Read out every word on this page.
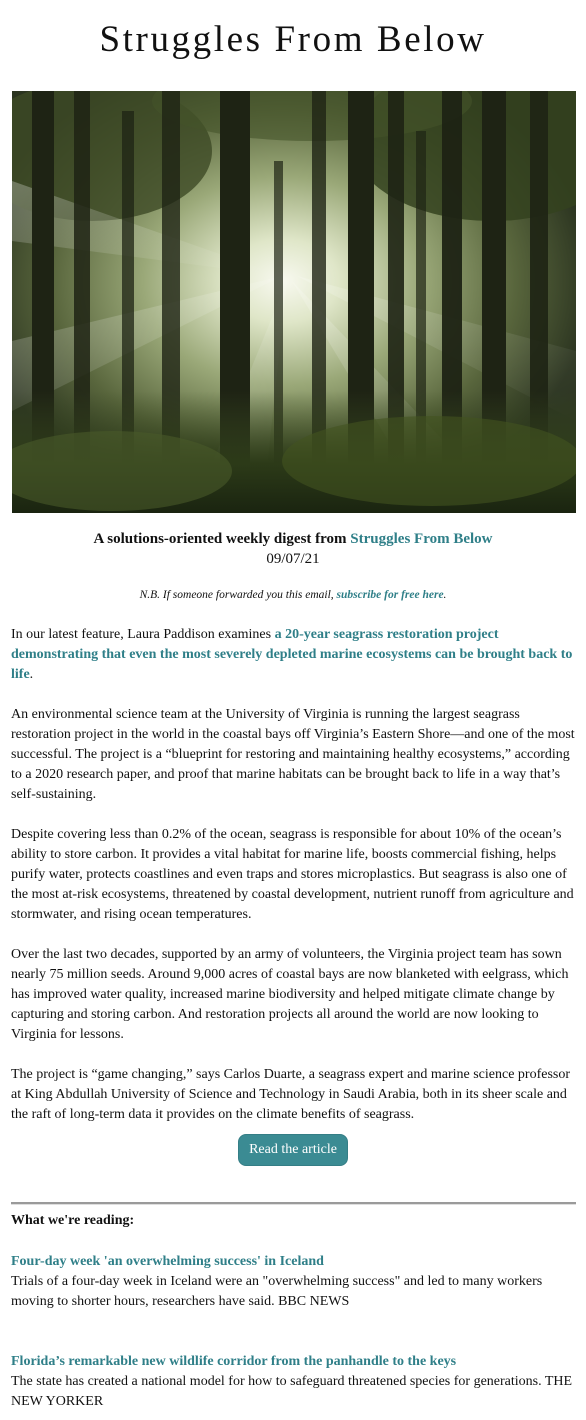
Struggles From Below
A solutions-oriented weekly digest from Struggles From Below
09/07/21
N.B. If someone forwarded you this email, subscribe for free here.

In our latest feature, Laura Paddison examines a 20-year seagrass restoration project demonstrating that even the most severely depleted marine ecosystems can be brought back to life.

An environmental science team at the University of Virginia is running the largest seagrass restoration project in the world in the coastal bays off Virginia’s Eastern Shore—and one of the most successful. The project is a “blueprint for restoring and maintaining healthy ecosystems,” according to a 2020 research paper, and proof that marine habitats can be brought back to life in a way that’s self-sustaining.

Despite covering less than 0.2% of the ocean, seagrass is responsible for about 10% of the ocean’s ability to store carbon. It provides a vital habitat for marine life, boosts commercial fishing, helps purify water, protects coastlines and even traps and stores microplastics. But seagrass is also one of the most at-risk ecosystems, threatened by coastal development, nutrient runoff from agriculture and stormwater, and rising ocean temperatures.

Over the last two decades, supported by an army of volunteers, the Virginia project team has sown nearly 75 million seeds. Around 9,000 acres of coastal bays are now blanketed with eelgrass, which has improved water quality, increased marine biodiversity and helped mitigate climate change by capturing and storing carbon. And restoration projects all around the world are now looking to Virginia for lessons.

The project is “game changing,” says Carlos Duarte, a seagrass expert and marine science professor at King Abdullah University of Science and Technology in Saudi Arabia, both in its sheer scale and the raft of long-term data it provides on the climate benefits of seagrass.

Read the article
What we're reading:
Four-day week 'an overwhelming success' in Iceland
Trials of a four-day week in Iceland were an "overwhelming success" and led to many workers moving to shorter hours, researchers have said. BBC NEWS
Florida’s remarkable new wildlife corridor from the panhandle to the keys
The state has created a national model for how to safeguard threatened species for generations. THE NEW YORKER
